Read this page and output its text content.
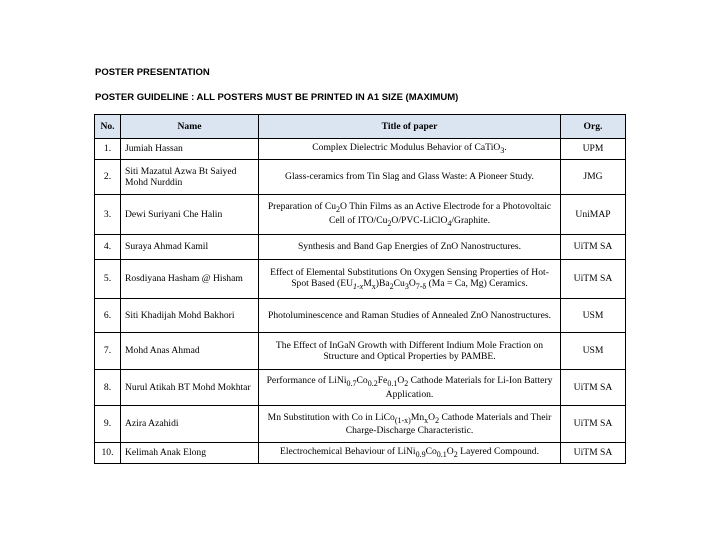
POSTER PRESENTATION

POSTER GUIDELINE : ALL POSTERS MUST BE PRINTED IN A1 SIZE (MAXIMUM)

No.	Name	Title of paper	Org.
1.	Jumiah Hassan	Complex Dielectric Modulus Behavior of CaTiO$_3$.	UPM
2.	Siti Mazatul Azwa Bt Saiyed Mohd Nurddin	Glass-ceramics from Tin Slag and Glass Waste: A Pioneer Study.	JMG
3.	Dewi Suriyani Che Halin	Preparation of $Cu_2O$ Thin Films as an Active Electrode for a Photovoltaic Cell of ITO/$Cu_2O/PVC-LiClO_4$/Graphite.	UniMAP
4.	Suraya Ahmad Kamil	Synthesis and Band Gap Energies of ZnO Nanostructures.	UiTM SA
5.	Rosdiyana Hasham @ Hisham	Effect of Elemental Substitutions On Oxygen Sensing Properties of Hot-Spot Based $(EU_{1-x}M_x)Ba_2Cu_3O_{7-\delta}$ (Ma = Ca, Mg) Ceramics.	UiTM SA
6.	Siti Khadijah Mohd Bakhori	Photoluminescence and Raman Studies of Annealed ZnO Nanostructures.	USM
7.	Mohd Anas Ahmad	The Effect of InGaN Growth with Different Indium Mole Fraction on Structure and Optical Properties by PAMBE.	USM
8.	Nurul Atikah BT Mohd Mokhtar	Performance of $LiNi_{0.7}Co_{0.2}Fe_{0.1}O_2$ Cathode Materials for Li-Ion Battery Application.	UiTM SA
9.	Azira Azahidi	Mn Substitution with Co in $LiCo_{(1-x)}Mn_xO_2$ Cathode Materials and Their Charge-Discharge Characteristic.	UiTM SA
10.	Kelimah Anak Elong	Electrochemical Behaviour of $LiNi_{0.9}Co_{0.1}O_2$ Layered Compound.	UiTM SA
